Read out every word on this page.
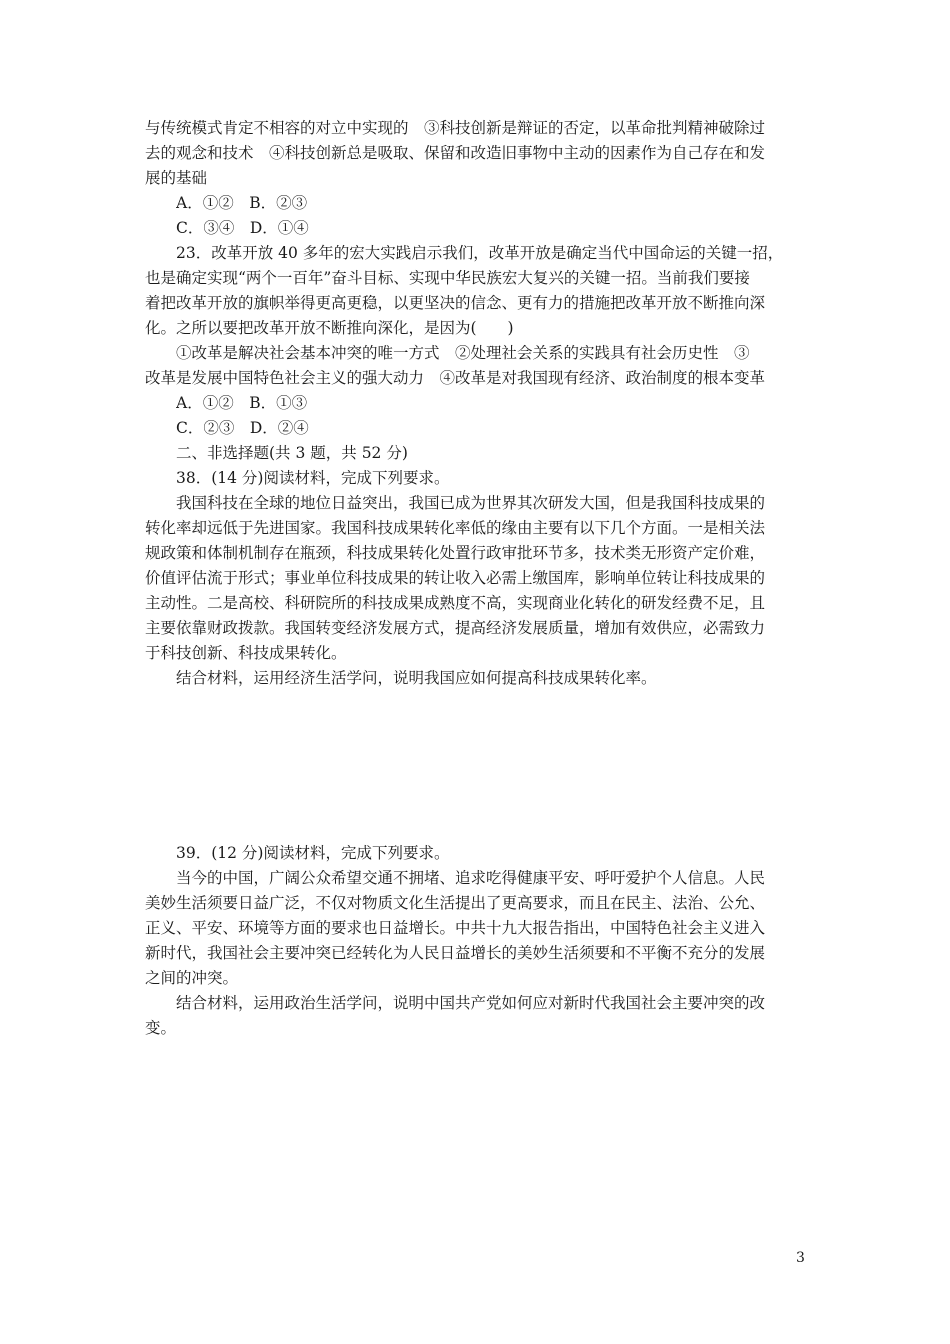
与传统模式肯定不相容的对立中实现的　③科技创新是辩证的否定，以革命批判精神破除过
去的观念和技术　④科技创新总是吸取、保留和改造旧事物中主动的因素作为自己存在和发
展的基础
A．①②　B．②③
C．③④　D．①④
23．改革开放 40 多年的宏大实践启示我们，改革开放是确定当代中国命运的关键一招，
也是确定实现“两个一百年”奋斗目标、实现中华民族宏大复兴的关键一招。当前我们要接
着把改革开放的旗帜举得更高更稳，以更坚决的信念、更有力的措施把改革开放不断推向深
化。之所以要把改革开放不断推向深化，是因为(　　)
①改革是解决社会基本冲突的唯一方式　②处理社会关系的实践具有社会历史性　③
改革是发展中国特色社会主义的强大动力　④改革是对我国现有经济、政治制度的根本变革
A．①②　B．①③
C．②③　D．②④
二、非选择题(共 3 题，共 52 分)
38．(14 分)阅读材料，完成下列要求。
我国科技在全球的地位日益突出，我国已成为世界其次研发大国，但是我国科技成果的
转化率却远低于先进国家。我国科技成果转化率低的缘由主要有以下几个方面。一是相关法
规政策和体制机制存在瓶颈，科技成果转化处置行政审批环节多，技术类无形资产定价难，
价值评估流于形式；事业单位科技成果的转让收入必需上缴国库，影响单位转让科技成果的
主动性。二是高校、科研院所的科技成果成熟度不高，实现商业化转化的研发经费不足，且
主要依靠财政拨款。我国转变经济发展方式，提高经济发展质量，增加有效供应，必需致力
于科技创新、科技成果转化。
结合材料，运用经济生活学问，说明我国应如何提高科技成果转化率。
39．(12 分)阅读材料，完成下列要求。
当今的中国，广阔公众希望交通不拥堵、追求吃得健康平安、呼吁爱护个人信息。人民
美妙生活须要日益广泛，不仅对物质文化生活提出了更高要求，而且在民主、法治、公允、
正义、平安、环境等方面的要求也日益增长。中共十九大报告指出，中国特色社会主义进入
新时代，我国社会主要冲突已经转化为人民日益增长的美妙生活须要和不平衡不充分的发展
之间的冲突。
结合材料，运用政治生活学问，说明中国共产党如何应对新时代我国社会主要冲突的改
变。
3
